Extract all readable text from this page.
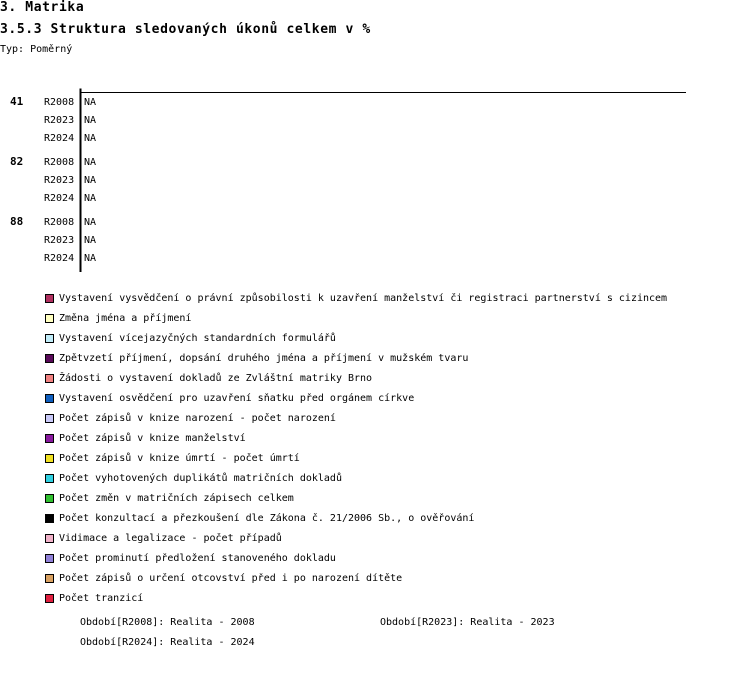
3. Matrika
3.5.3 Struktura sledovaných úkonů celkem v %
Typ: Poměrný
41 R2008 NA
R2023 NA
R2024 NA
82 R2008 NA
R2023 NA
R2024 NA
88 R2008 NA
R2023 NA
R2024 NA
Vystavení vysvědčení o právní způsobilosti k uzavření manželství či registraci partnerství s cizincem
Změna jména a příjmení
Vystavení vícejazyčných standardních formulářů
Zpětvzetí příjmení, dopsání druhého jména a příjmení v mužském tvaru
Žádosti o vystavení dokladů ze Zvláštní matriky Brno
Vystavení osvědčení pro uzavření sňatku před orgánem církve
Počet zápisů v knize narození - počet narození
Počet zápisů v knize manželství
Počet zápisů v knize úmrtí - počet úmrtí
Počet vyhotovených duplikátů matričních dokladů
Počet změn v matričních zápisech celkem
Počet konzultací a přezkoušení dle Zákona č. 21/2006 Sb., o ověřování
Vidimace a legalizace - počet případů
Počet prominutí předložení stanoveného dokladu
Počet zápisů o určení otcovství před i po narození dítěte
Počet tranzicí
Období[R2008]: Realita - 2008	Období[R2023]: Realita - 2023
Období[R2024]: Realita - 2024
